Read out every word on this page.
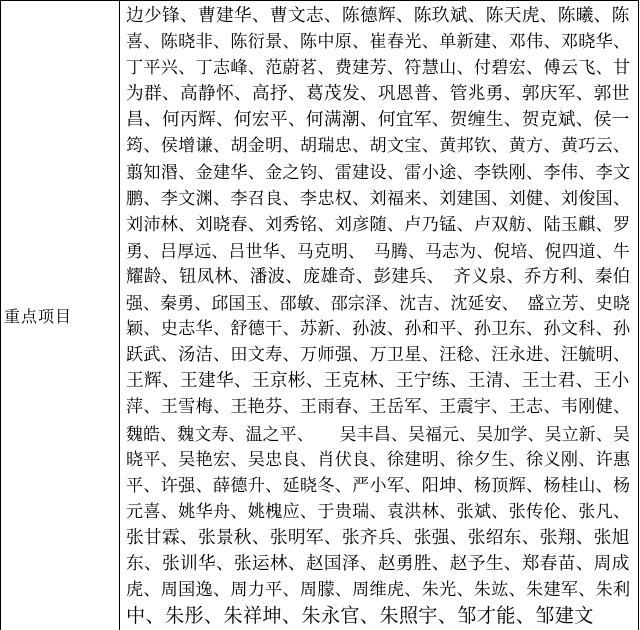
重点项目
边少锋、曹建华、曹文志、陈德辉、陈玖斌、陈天虎、陈曦、陈
喜、陈晓非、陈衍景、陈中原、崔春光、单新建、邓伟、邓晓华、
丁平兴、丁志峰、范蔚茗、费建芳、符慧山、付碧宏、傅云飞、甘
为群、高静怀、高抒、葛茂发、巩恩普、管兆勇、郭庆军、郭世
昌、何丙辉、何宏平、何满潮、何宜军、贺缠生、贺克斌、侯一
筠、侯增谦、胡金明、胡瑞忠、胡文宝、黄邦钦、黄方、黄巧云、
翦知湣、金建华、金之钧、雷建设、雷小途、李铁刚、李伟、李文
鹏、李文渊、李召良、李忠权、刘福来、刘建国、刘健、刘俊国、
刘沛林、刘晓春、刘秀铭、刘彦随、卢乃锰、卢双舫、陆玉麒、罗
勇、吕厚远、吕世华、马克明、　马腾、马志为、倪培、倪四道、牛
耀龄、钮凤林、潘波、庞雄奇、彭建兵、　齐义泉、乔方利、秦伯
强、秦勇、邱国玉、邵敏、邵宗泽、沈吉、沈延安、　盛立芳、史晓
颖、史志华、舒德干、苏新、孙波、孙和平、孙卫东、孙文科、孙
跃武、汤洁、田文寿、万师强、万卫星、汪稔、汪永进、汪毓明、
王辉、王建华、王京彬、王克林、王宁练、王清、王士君、王小
萍、王雪梅、王艳芬、王雨春、王岳军、王震宇、王志、韦刚健、
魏皓、魏文寿、温之平、　　吴丰昌、吴福元、吴加学、吴立新、吴
晓平、吴艳宏、吴忠良、肖伏良、徐建明、徐夕生、徐义刚、许惠
平、许强、薛德升、延晓冬、严小军、阳坤、杨顶辉、杨桂山、杨
元喜、姚华舟、姚槐应、于贵瑞、袁洪林、张斌、张传伦、张凡、
张甘霖、张景秋、张明军、张齐兵、张强、张绍东、张翔、张旭
东、张训华、张运林、赵国泽、赵勇胜、赵予生、郑春苗、周成
虎、周国逸、周力平、周朦、周维虎、朱光、朱竑、朱建军、朱利
中、朱彤、朱祥坤、朱永官、朱照宇、邹才能、邹建文
